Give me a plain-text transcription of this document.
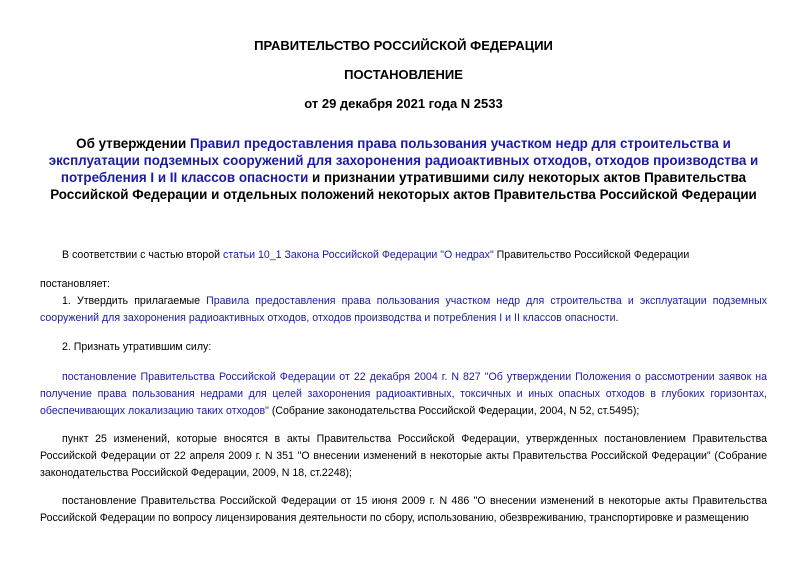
ПРАВИТЕЛЬСТВО РОССИЙСКОЙ ФЕДЕРАЦИИ
ПОСТАНОВЛЕНИЕ
от 29 декабря 2021 года N 2533
Об утверждении Правил предоставления права пользования участком недр для строительства и эксплуатации подземных сооружений для захоронения радиоактивных отходов, отходов производства и потребления I и II классов опасности и признании утратившими силу некоторых актов Правительства Российской Федерации и отдельных положений некоторых актов Правительства Российской Федерации
В соответствии с частью второй статьи 10_1 Закона Российской Федерации "О недрах" Правительство Российской Федерации
постановляет:
1. Утвердить прилагаемые Правила предоставления права пользования участком недр для строительства и эксплуатации подземных сооружений для захоронения радиоактивных отходов, отходов производства и потребления I и II классов опасности.
2. Признать утратившим силу:
постановление Правительства Российской Федерации от 22 декабря 2004 г. N 827 "Об утверждении Положения о рассмотрении заявок на получение права пользования недрами для целей захоронения радиоактивных, токсичных и иных опасных отходов в глубоких горизонтах, обеспечивающих локализацию таких отходов" (Собрание законодательства Российской Федерации, 2004, N 52, ст.5495);
пункт 25 изменений, которые вносятся в акты Правительства Российской Федерации, утвержденных постановлением Правительства Российской Федерации от 22 апреля 2009 г. N 351 "О внесении изменений в некоторые акты Правительства Российской Федерации" (Собрание законодательства Российской Федерации, 2009, N 18, ст.2248);
постановление Правительства Российской Федерации от 15 июня 2009 г. N 486 "О внесении изменений в некоторые акты Правительства Российской Федерации по вопросу лицензирования деятельности по сбору, использованию, обезвреживанию, транспортировке и размещению
